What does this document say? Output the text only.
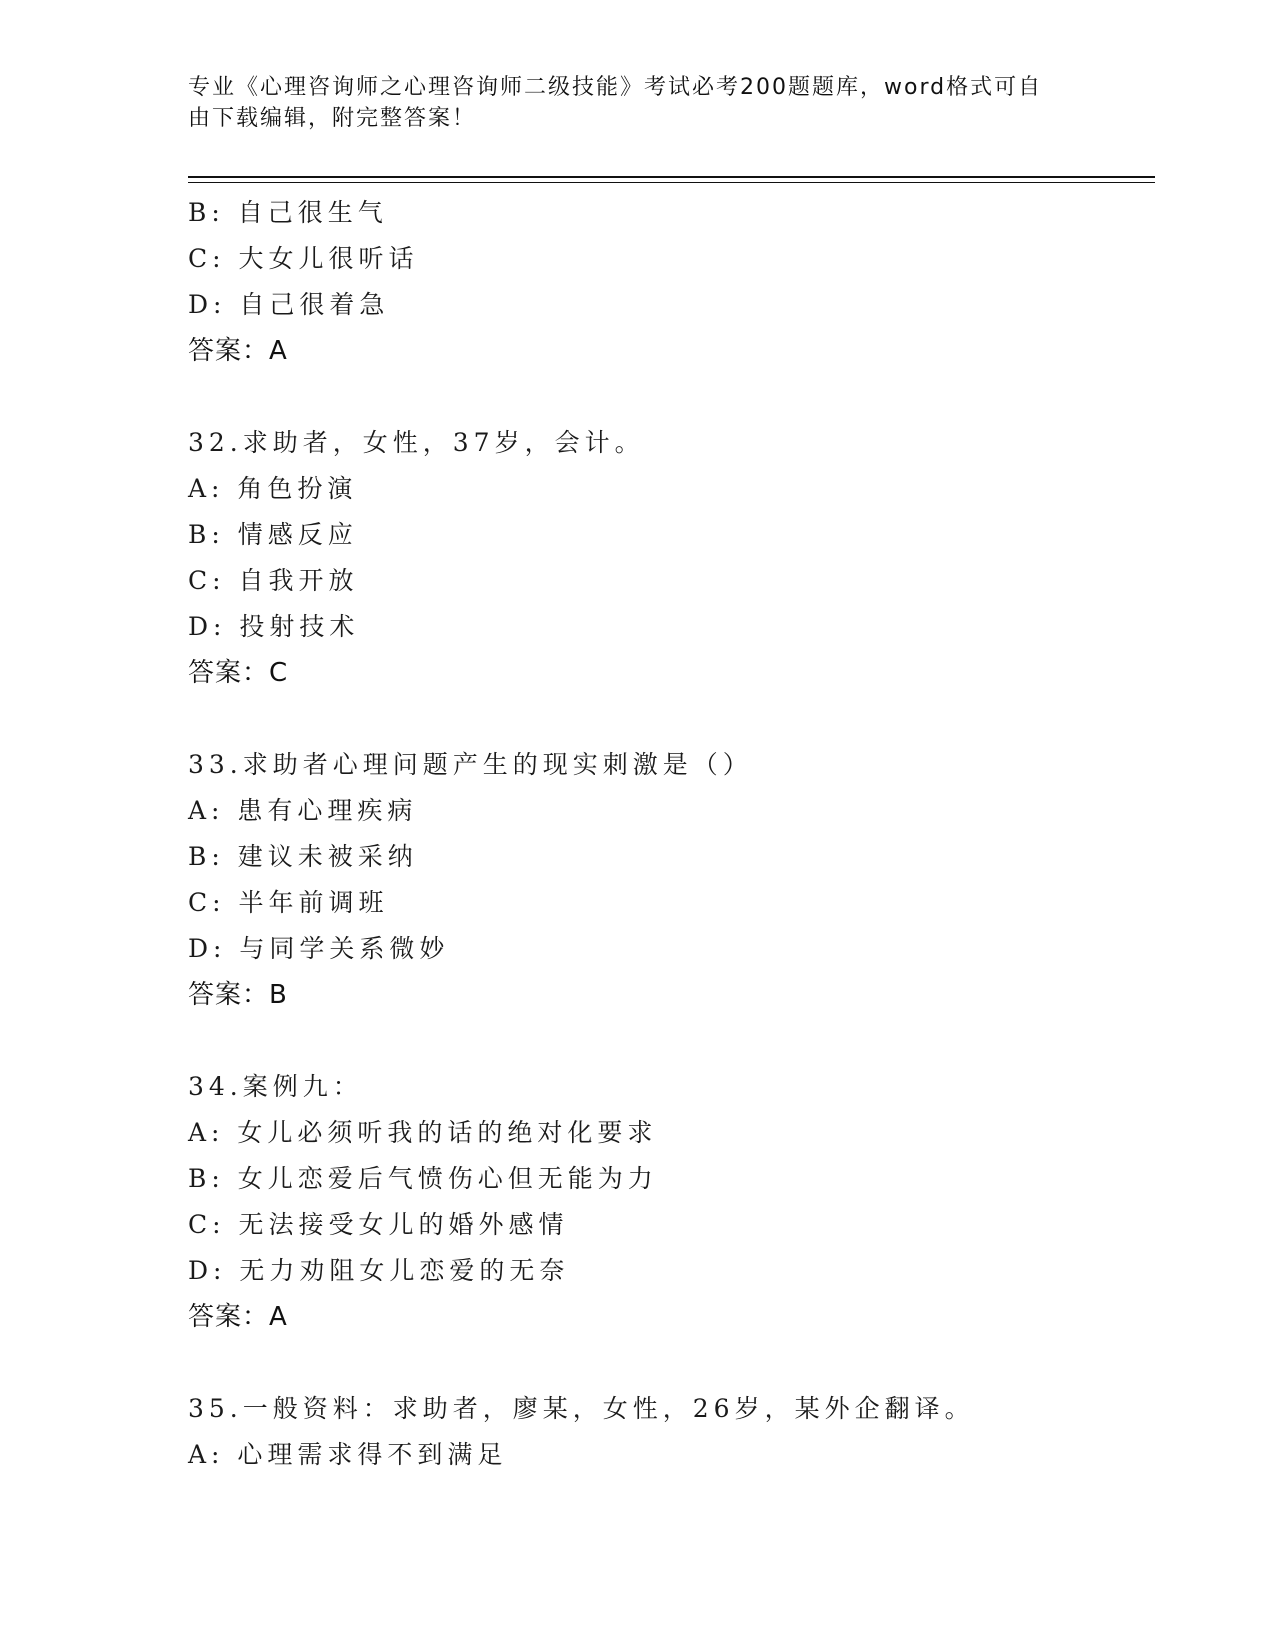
专业《心理咨询师之心理咨询师二级技能》考试必考200题题库，word格式可自
由下载编辑，附完整答案！
B: 自己很生气
C: 大女儿很听话
D: 自己很着急
答案：A
32.求助者，女性，37岁，会计。
A: 角色扮演
B: 情感反应
C: 自我开放
D: 投射技术
答案：C
33.求助者心理问题产生的现实刺激是（）
A: 患有心理疾病
B: 建议未被采纳
C: 半年前调班
D: 与同学关系微妙
答案：B
34.案例九：
A: 女儿必须听我的话的绝对化要求
B: 女儿恋爱后气愤伤心但无能为力
C: 无法接受女儿的婚外感情
D: 无力劝阻女儿恋爱的无奈
答案：A
35.一般资料：求助者，廖某，女性，26岁，某外企翻译。
A: 心理需求得不到满足
